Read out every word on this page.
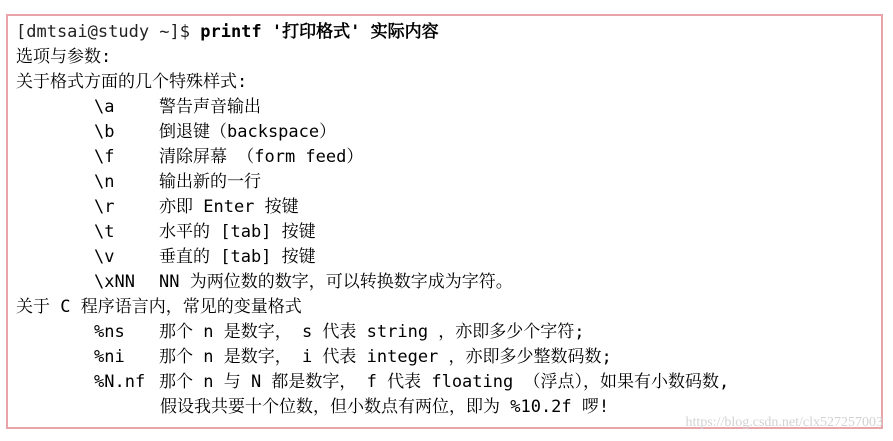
[dmtsai@study ~]$ printf '打印格式' 实际内容
选项与参数:
关于格式方面的几个特殊样式:
\a	警告声音输出
\b	倒退键（backspace）
\f	清除屏幕 （form feed）
\n	输出新的一行
\r	亦即 Enter 按键
\t	水平的 [tab] 按键
\v	垂直的 [tab] 按键
\xNN NN 为两位数的数字，可以转换数字成为字符。
关于 C 程序语言内，常见的变量格式
%ns 那个 n 是数字， s 代表 string ，亦即多少个字符;
%ni 那个 n 是数字， i 代表 integer ，亦即多少整数码数;
%N.nf 那个 n 与 N 都是数字， f 代表 floating （浮点），如果有小数码数,
假设我共要十个位数，但小数点有两位，即为 %10.2f 啰!
https://blog.csdn.net/clx527257003
